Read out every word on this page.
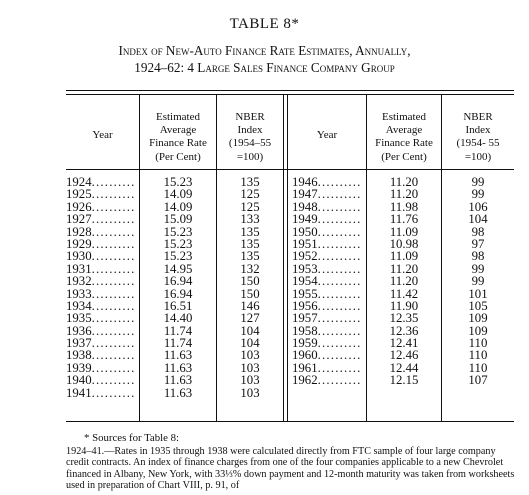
TABLE 8*
Index of New-Auto Finance Rate Estimates, Annually,
1924–62: 4 Large Sales Finance Company Group
Year
Estimated
Average
Finance Rate
(Per Cent)
NBER
Index
(1954–55
=100)
Year
Estimated
Average
Finance Rate
(Per Cent)
NBER
Index
(1954- 55
=100)
1924. . . . . . . . . .
1925. . . . . . . . . .
1926. . . . . . . . . .
1927. . . . . . . . . .
1928. . . . . . . . . .
1929. . . . . . . . . .
1930. . . . . . . . . .
1931. . . . . . . . . .
1932. . . . . . . . . .
1933. . . . . . . . . .
1934. . . . . . . . . .
1935. . . . . . . . . .
1936. . . . . . . . . .
1937. . . . . . . . . .
1938. . . . . . . . . .
1939. . . . . . . . . .
1940. . . . . . . . . .
1941. . . . . . . . . .
15.23
14.09
14.09
15.09
15.23
15.23
15.23
14.95
16.94
16.94
16.51
14.40
11.74
11.74
11.63
11.63
11.63
11.63
135
125
125
133
135
135
135
132
150
150
146
127
104
104
103
103
103
103
1946. . . . . . . . . .
1947. . . . . . . . . .
1948. . . . . . . . . .
1949. . . . . . . . . .
1950. . . . . . . . . .
1951. . . . . . . . . .
1952. . . . . . . . . .
1953. . . . . . . . . .
1954. . . . . . . . . .
1955. . . . . . . . . .
1956. . . . . . . . . .
1957. . . . . . . . . .
1958. . . . . . . . . .
1959. . . . . . . . . .
1960. . . . . . . . . .
1961. . . . . . . . . .
1962. . . . . . . . . .
11.20
11.20
11.98
11.76
11.09
10.98
11.09
11.20
11.20
11.42
11.90
12.35
12.36
12.41
12.46
12.44
12.15
99
99
106
104
98
97
98
99
99
101
105
109
109
110
110
110
107
* Sources for Table 8:
1924–41.—Rates in 1935 through 1938 were calculated directly from FTC sample of four large company credit contracts. An index of finance charges from one of the four companies applicable to a new Chevrolet financed in Albany, New York, with 33⅓% down payment and 12-month maturity was taken from worksheets used in preparation of Chart VIII, p. 91, of
